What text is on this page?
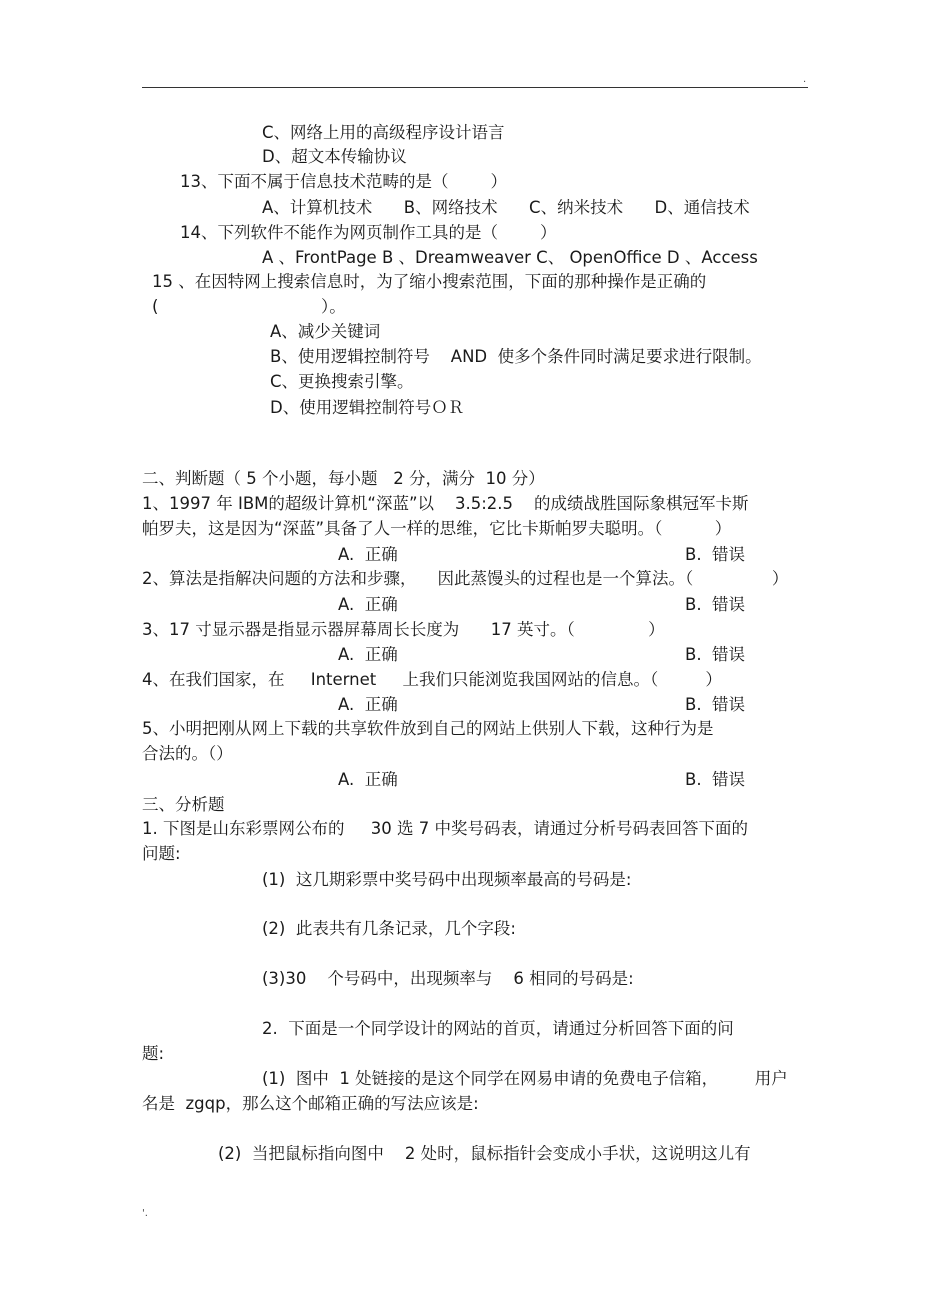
.
C、网络上用的高级程序设计语言
D、超文本传输协议
13、下面不属于信息技术范畴的是（        ）
A、计算机技术      B、网络技术      C、纳米技术      D、通信技术
14、下列软件不能作为网页制作工具的是（        ）
A 、FrontPage B 、Dreamweaver C、 OpenOffice D 、Access
15 、在因特网上搜索信息时，为了缩小搜索范围，下面的那种操作是正确的
(                               ）。
A、减少关键词
B、使用逻辑控制符号    AND  使多个条件同时满足要求进行限制。
C、更换搜索引擎。
D、使用逻辑控制符号ＯＲ
二、判断题（ 5 个小题，每小题   2 分，满分  10 分）
1、1997 年 IBM的超级计算机“深蓝”以    3.5:2.5    的成绩战胜国际象棋冠军卡斯
帕罗夫，这是因为“深蓝”具备了人一样的思维，它比卡斯帕罗夫聪明。（          ）
A.  正确	B.  错误
2、算法是指解决问题的方法和步骤，    因此蒸馒头的过程也是一个算法。（               ）
A.  正确	B.  错误
3、17 寸显示器是指显示器屏幕周长长度为      17 英寸。（              ）
A.  正确	B.  错误
4、在我们国家，在     Internet     上我们只能浏览我国网站的信息。（         ）
A.  正确	B.  错误
5、小明把刚从网上下载的共享软件放到自己的网站上供别人下载，这种行为是
合法的。（）
A.  正确	B.  错误
三、分析题
1. 下图是山东彩票网公布的     30 选 7 中奖号码表，请通过分析号码表回答下面的
问题:
(1)  这几期彩票中奖号码中出现频率最高的号码是:
(2)  此表共有几条记录，几个字段:
(3)30    个号码中，出现频率与    6 相同的号码是:
2.  下面是一个同学设计的网站的首页，请通过分析回答下面的问
题:
(1)  图中  1 处链接的是这个同学在网易申请的免费电子信箱，       用户
名是  zgqp，那么这个邮箱正确的写法应该是:
(2)  当把鼠标指向图中    2 处时，鼠标指针会变成小手状，这说明这儿有
'.
